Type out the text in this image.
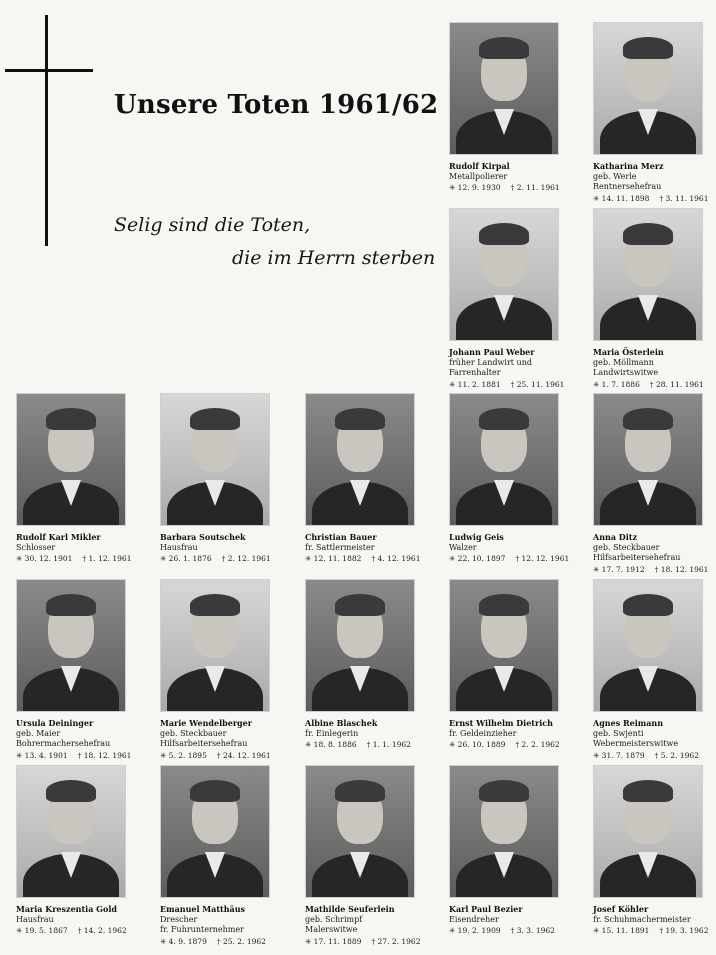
Unsere Toten 1961/62

Selig sind die Toten,

die im Herrn sterben

Rudolf Kirpal
Metallpolierer
✳ 12. 9. 1930 † 2. 11. 1961
Katharina Merz
geb. Werle
Rentnersehefrau
✳ 14. 11. 1898 † 3. 11. 1961
Johann Paul Weber
früher Landwirt und
Farrenhalter
✳ 11. 2. 1881 † 25. 11. 1961
Maria Österlein
geb. Möllmann
Landwirtswitwe
✳ 1. 7. 1886 † 28. 11. 1961
Rudolf Karl Mikler
Schlosser
✳ 30. 12. 1901 † 1. 12. 1961
Barbara Soutschek
Hausfrau
✳ 26. 1. 1876 † 2. 12. 1961
Christian Bauer
fr. Sattlermeister
✳ 12. 11. 1882 † 4. 12. 1961
Ludwig Geis
Walzer
✳ 22. 10. 1897 † 12. 12. 1961
Anna Ditz
geb. Steckbauer
Hilfsarbeitersehefrau
✳ 17. 7. 1912 † 18. 12. 1961
Ursula Deininger
geb. Maier
Bohrermachersehefrau
✳ 13. 4. 1901 † 18. 12. 1961
Marie Wendelberger
geb. Steckbauer
Hilfsarbeitersehefrau
✳ 5. 2. 1895 † 24. 12. 1961
Albine Blaschek
fr. Einlegerin
✳ 18. 8. 1886 † 1. 1. 1962
Ernst Wilhelm Dietrich
fr. Geldeinzieher
✳ 26. 10. 1889 † 2. 2. 1962
Agnes Reimann
geb. Swjenti
Webermeisterswitwe
✳ 31. 7. 1879 † 5. 2. 1962
Maria Kreszentia Gold
Hausfrau
✳ 19. 5. 1867 † 14. 2. 1962
Emanuel Matthäus
Drescher
fr. Fuhrunternehmer
✳ 4. 9. 1879 † 25. 2. 1962
Mathilde Seuferlein
geb. Schrimpf
Malerswitwe
✳ 17. 11. 1889 † 27. 2. 1962
Karl Paul Bezier
Eisendreher
✳ 19. 2. 1909 † 3. 3. 1962
Josef Köhler
fr. Schuhmachermeister
✳ 15. 11. 1891 † 19. 3. 1962
